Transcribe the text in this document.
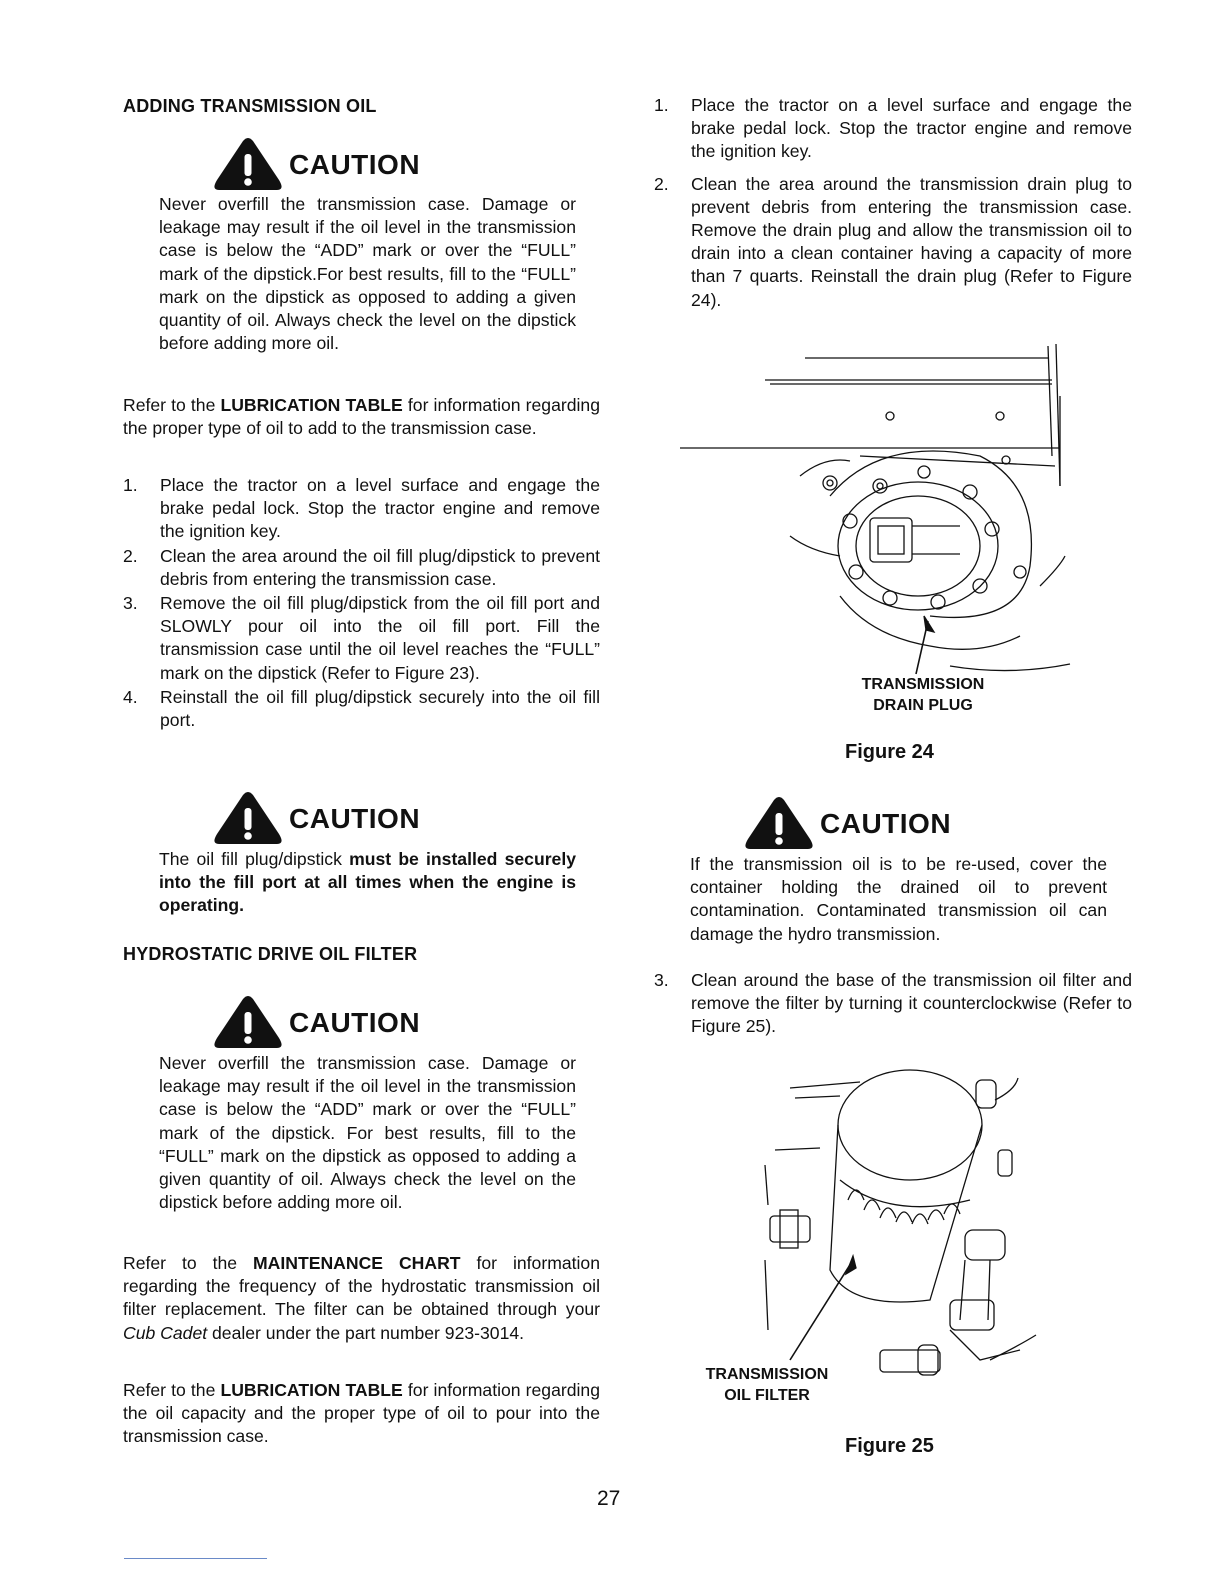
ADDING TRANSMISSION OIL
CAUTION
Never overfill the transmission case. Damage or leakage may result if the oil level in the transmission case is below the “ADD” mark or over the “FULL” mark of the dipstick.For best results, fill to the “FULL” mark on the dipstick as opposed to adding a given quantity of oil. Always check the level on the dipstick before adding more oil.
Refer to the LUBRICATION TABLE for information regarding the proper type of oil to add to the transmission case.
1. Place the tractor on a level surface and engage the brake pedal lock. Stop the tractor engine and remove the ignition key.
2. Clean the area around the oil fill plug/dipstick to prevent debris from entering the transmission case.
3. Remove the oil fill plug/dipstick from the oil fill port and SLOWLY pour oil into the oil fill port. Fill the transmission case until the oil level reaches the “FULL” mark on the dipstick (Refer to Figure 23).
4. Reinstall the oil fill plug/dipstick securely into the oil fill port.
CAUTION
The oil fill plug/dipstick must be installed securely into the fill port at all times when the engine is operating.
HYDROSTATIC DRIVE OIL FILTER
CAUTION
Never overfill the transmission case. Damage or leakage may result if the oil level in the transmission case is below the “ADD” mark or over the “FULL” mark of the dipstick. For best results, fill to the “FULL” mark on the dipstick as opposed to adding a given quantity of oil. Always check the level on the dipstick before adding more oil.
Refer to the MAINTENANCE CHART for information regarding the frequency of the hydrostatic transmission oil filter replacement. The filter can be obtained through your Cub Cadet dealer under the part number 923-3014.
Refer to the LUBRICATION TABLE for information regarding the oil capacity and the proper type of oil to pour into the transmission case.
1. Place the tractor on a level surface and engage the brake pedal lock. Stop the tractor engine and remove the ignition key.
2. Clean the area around the transmission drain plug to prevent debris from entering the transmission case. Remove the drain plug and allow the transmission oil to drain into a clean container having a capacity of more than 7 quarts. Reinstall the drain plug (Refer to Figure 24).
TRANSMISSION
DRAIN PLUG
Figure 24
CAUTION
If the transmission oil is to be re-used, cover the container holding the drained oil to prevent contamination. Contaminated transmission oil can damage the hydro transmission.
3. Clean around the base of the transmission oil filter and remove the filter by turning it counterclockwise (Refer to Figure 25).
TRANSMISSION
OIL FILTER
Figure 25
27
